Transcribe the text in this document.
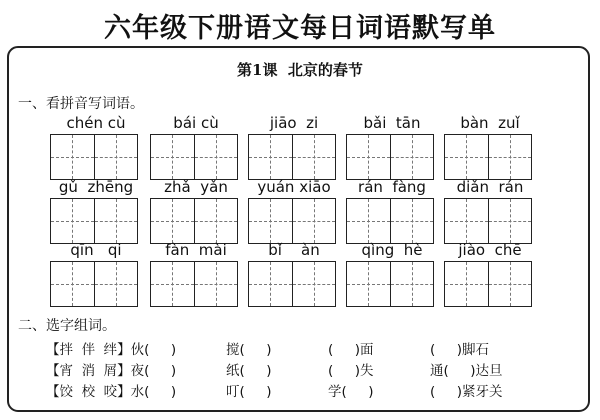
六年级下册语文每日词语默写单
第1课  北京的春节
一、看拼音写词语。
chén cù	bái cù	jiāo  zi	bǎi  tān	bàn  zuǐ
gǔ  zhēng	zhǎ  yǎn	yuán xiāo	rán  fàng	diǎn  rán
qīn   qi	fàn  mài	bǐ    àn	qìng  hè	jiào  chē
二、选字组词。
【拌  伴  绊】伙(     )	搅(     )	(     )面	(     )脚石
【宵  消  屑】夜(     )	纸(     )	(     )失	通(     )达旦
【饺  校  咬】水(     )	叮(     )	学(     )	(     )紧牙关
